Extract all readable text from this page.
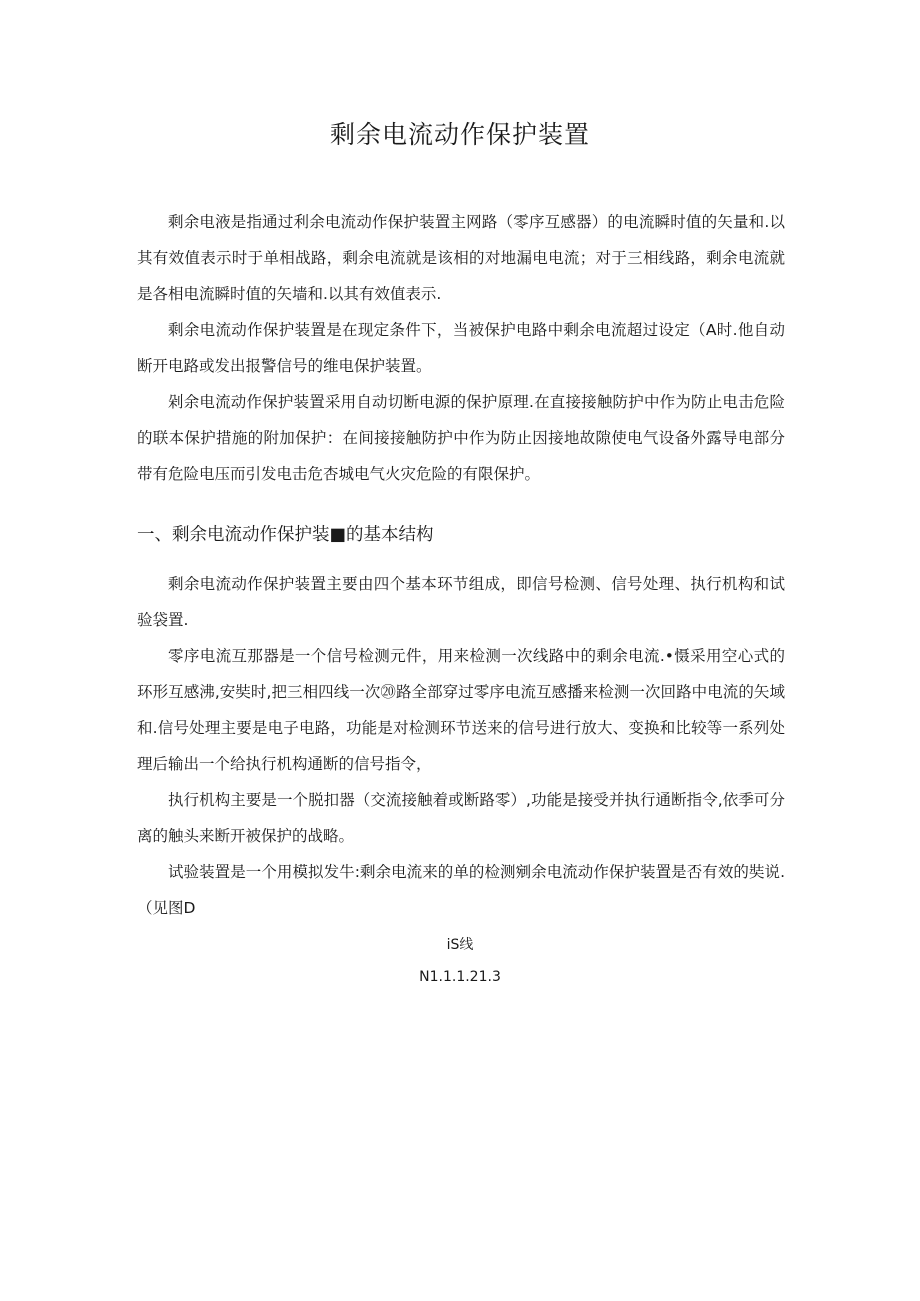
剩余电流动作保护装置

剩余电液是指通过利余电流动作保护装置主网路（零序互感器）的电流瞬时值的矢量和.以其有效值表示时于单相战路，剩余电流就是该相的对地漏电电流；对于三相线路，剩余电流就是各相电流瞬时值的矢墙和.以其有效值表示.

剩余电流动作保护装置是在现定条件下，当被保护电路中剩余电流超过设定（A时.他自动断开电路或发出报警信号的维电保护装置。

剁余电流动作保护装置采用自动切断电源的保护原理.在直接接触防护中作为防止电击危险的联本保护措施的附加保护：在间接接触防护中作为防止因接地故隙使电气设备外露导电部分带有危险电压而引发电击危杏城电气火灾危险的有限保护。

一、剩余电流动作保护装■的基本结构

剩余电流动作保护装置主要由四个基本环节组成，即信号检测、信号处理、执行机构和试验袋置.

零序电流互那器是一个信号检测元件，用来检测一次线路中的剩余电流.•慑采用空心式的环形互感沸,安奘时,把三相四线一次⑳路全部穿过零序电流互感播来检测一次回路中电流的矢域和.信号处理主要是电子电路，功能是对检测环节送来的信号进行放大、变换和比较等一系列处理后输出一个给执行机构通断的信号指令，

执行机构主要是一个脱扣器（交流接触着或断路零）,功能是接受并执行通断指令,依季可分离的触头来断开被保护的战略。

试验装置是一个用模拟发牛:剩余电流来的单的检测剜余电流动作保护装置是否有效的奘说.（见图D

iS线
N1.1.1.21.3
